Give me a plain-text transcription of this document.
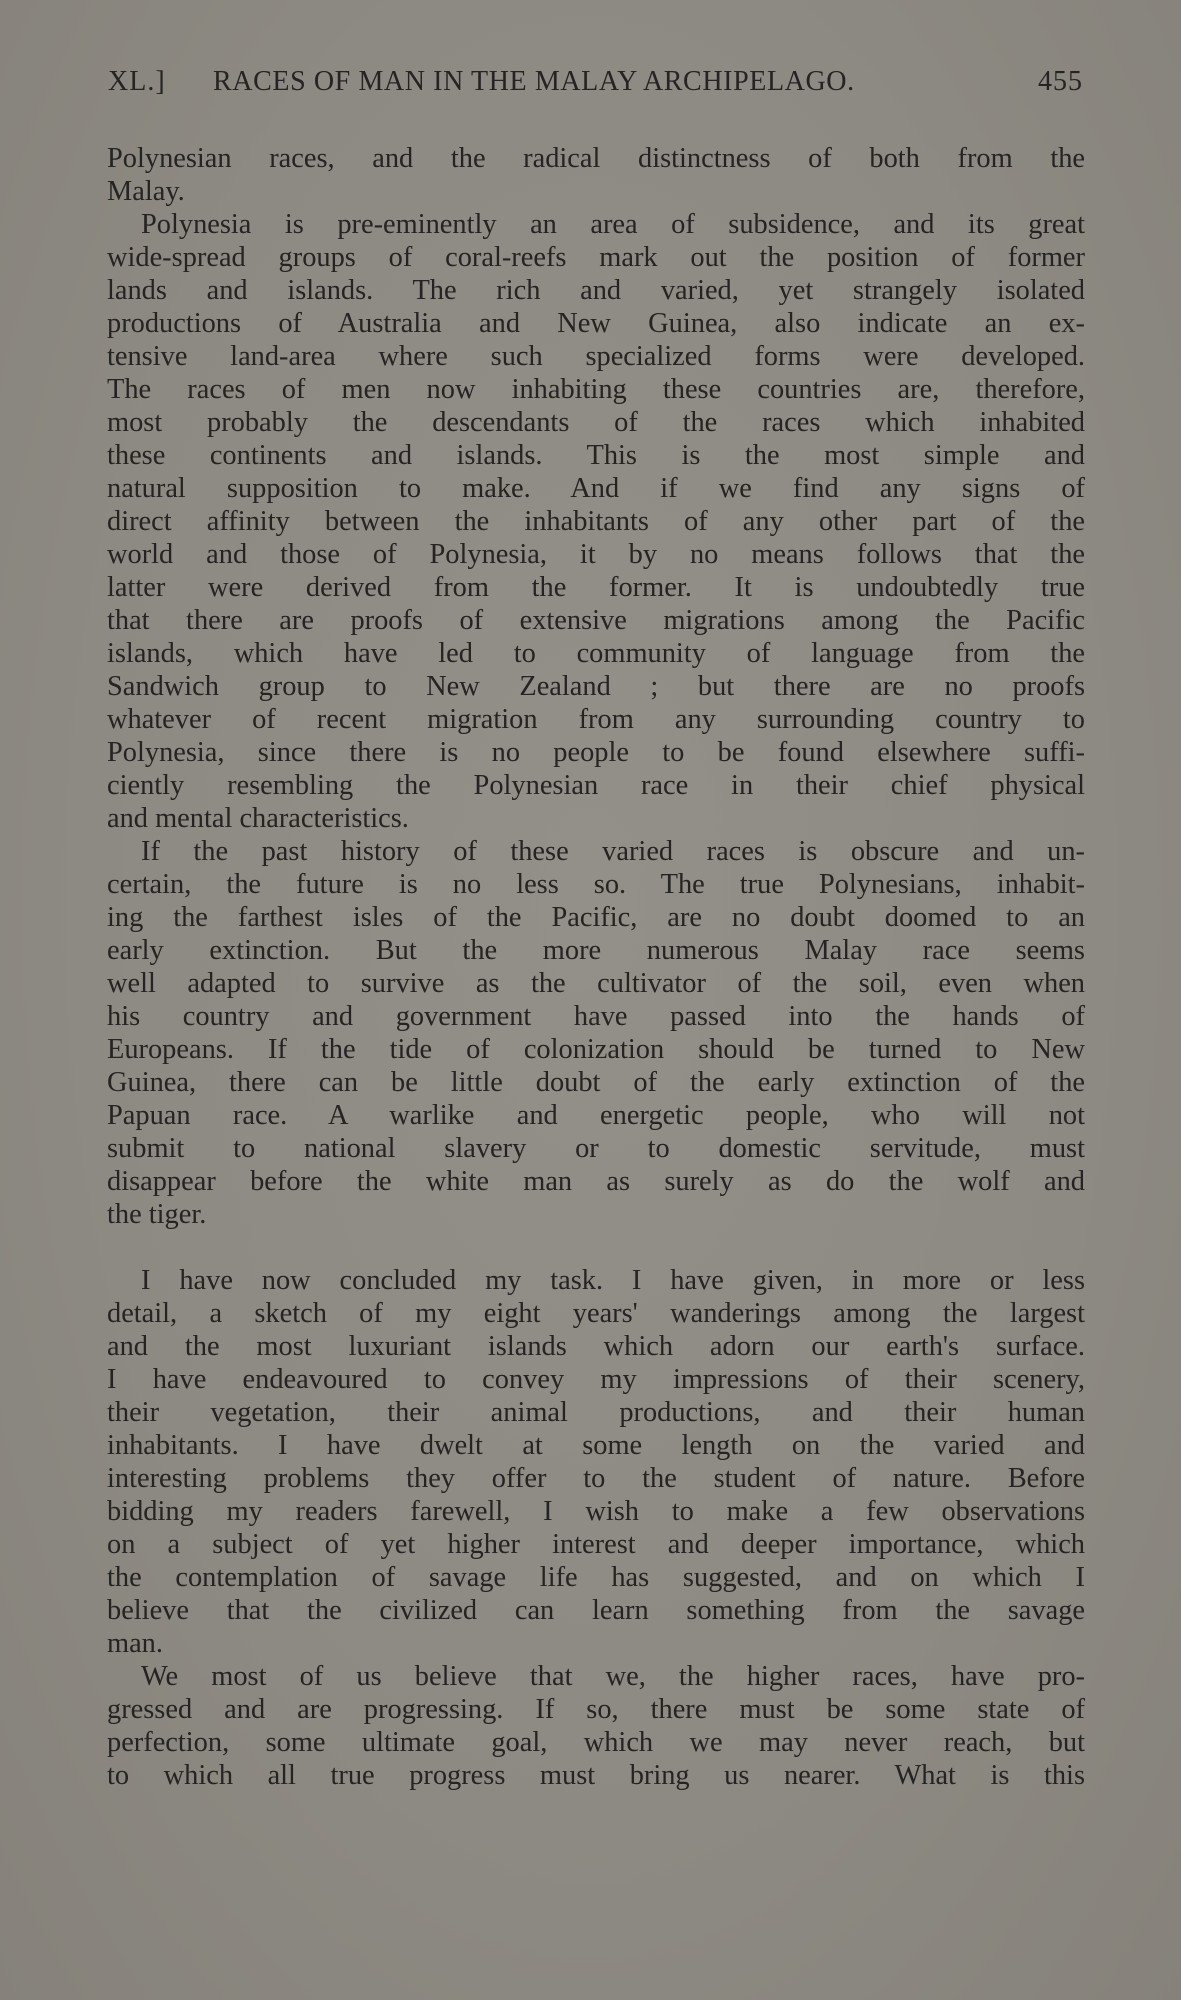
XL.] RACES OF MAN IN THE MALAY ARCHIPELAGO.	455
Polynesian races, and the radical distinctness of both from the
Malay.
Polynesia is pre-eminently an area of subsidence, and its great
wide-spread groups of coral-reefs mark out the position of former
lands and islands. The rich and varied, yet strangely isolated
productions of Australia and New Guinea, also indicate an ex-
tensive land-area where such specialized forms were developed.
The races of men now inhabiting these countries are, therefore,
most probably the descendants of the races which inhabited
these continents and islands. This is the most simple and
natural supposition to make. And if we find any signs of
direct affinity between the inhabitants of any other part of the
world and those of Polynesia, it by no means follows that the
latter were derived from the former. It is undoubtedly true
that there are proofs of extensive migrations among the Pacific
islands, which have led to community of language from the
Sandwich group to New Zealand ; but there are no proofs
whatever of recent migration from any surrounding country to
Polynesia, since there is no people to be found elsewhere suffi-
ciently resembling the Polynesian race in their chief physical
and mental characteristics.
If the past history of these varied races is obscure and un-
certain, the future is no less so. The true Polynesians, inhabit-
ing the farthest isles of the Pacific, are no doubt doomed to an
early extinction. But the more numerous Malay race seems
well adapted to survive as the cultivator of the soil, even when
his country and government have passed into the hands of
Europeans. If the tide of colonization should be turned to New
Guinea, there can be little doubt of the early extinction of the
Papuan race. A warlike and energetic people, who will not
submit to national slavery or to domestic servitude, must
disappear before the white man as surely as do the wolf and
the tiger.
I have now concluded my task. I have given, in more or less
detail, a sketch of my eight years' wanderings among the largest
and the most luxuriant islands which adorn our earth's surface.
I have endeavoured to convey my impressions of their scenery,
their vegetation, their animal productions, and their human
inhabitants. I have dwelt at some length on the varied and
interesting problems they offer to the student of nature. Before
bidding my readers farewell, I wish to make a few observations
on a subject of yet higher interest and deeper importance, which
the contemplation of savage life has suggested, and on which I
believe that the civilized can learn something from the savage
man.
We most of us believe that we, the higher races, have pro-
gressed and are progressing. If so, there must be some state of
perfection, some ultimate goal, which we may never reach, but
to which all true progress must bring us nearer. What is this
